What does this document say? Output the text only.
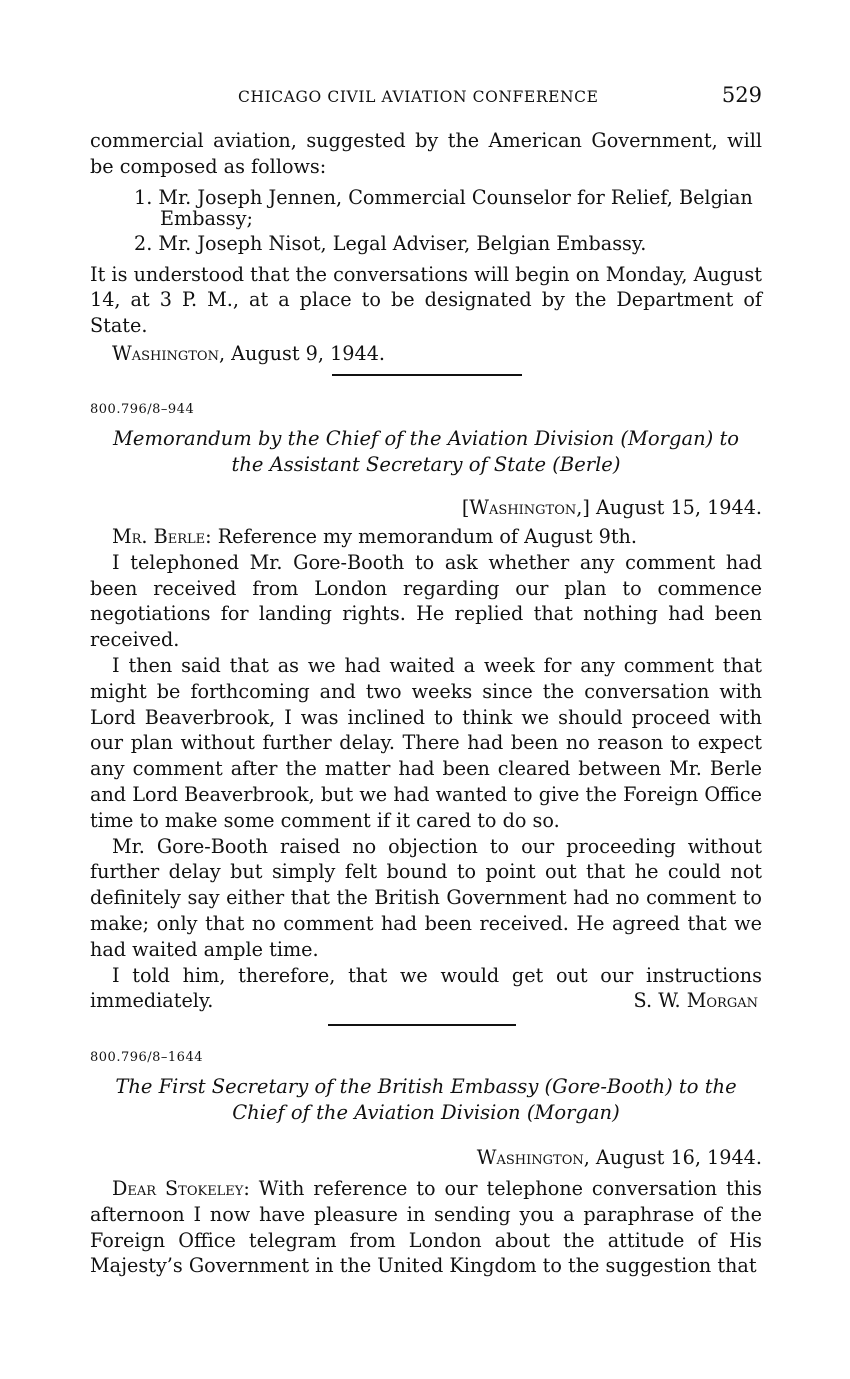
CHICAGO CIVIL AVIATION CONFERENCE	529

commercial aviation, suggested by the American Government, will be composed as follows:

1. Mr. Joseph Jennen, Commercial Counselor for Relief, Belgian Embassy;
2. Mr. Joseph Nisot, Legal Adviser, Belgian Embassy.

It is understood that the conversations will begin on Monday, August 14, at 3 P. M., at a place to be designated by the Department of State.

Washington, August 9, 1944.

800.796/8–944
Memorandum by the Chief of the Aviation Division (Morgan) to
the Assistant Secretary of State (Berle)
[Washington,] August 15, 1944.

Mr. Berle: Reference my memorandum of August 9th.

I telephoned Mr. Gore-Booth to ask whether any comment had been received from London regarding our plan to commence negotiations for landing rights. He replied that nothing had been received.

I then said that as we had waited a week for any comment that might be forthcoming and two weeks since the conversation with Lord Beaverbrook, I was inclined to think we should proceed with our plan without further delay. There had been no reason to expect any comment after the matter had been cleared between Mr. Berle and Lord Beaverbrook, but we had wanted to give the Foreign Office time to make some comment if it cared to do so.

Mr. Gore-Booth raised no objection to our proceeding without further delay but simply felt bound to point out that he could not definitely say either that the British Government had no comment to make; only that no comment had been received. He agreed that we had waited ample time.

I told him, therefore, that we would get out our instructions immediately.	S. W. Morgan
800.796/8–1644
The First Secretary of the British Embassy (Gore-Booth) to the
Chief of the Aviation Division (Morgan)
Washington, August 16, 1944.

Dear Stokeley: With reference to our telephone conversation this afternoon I now have pleasure in sending you a paraphrase of the Foreign Office telegram from London about the attitude of His Majesty’s Government in the United Kingdom to the suggestion that
